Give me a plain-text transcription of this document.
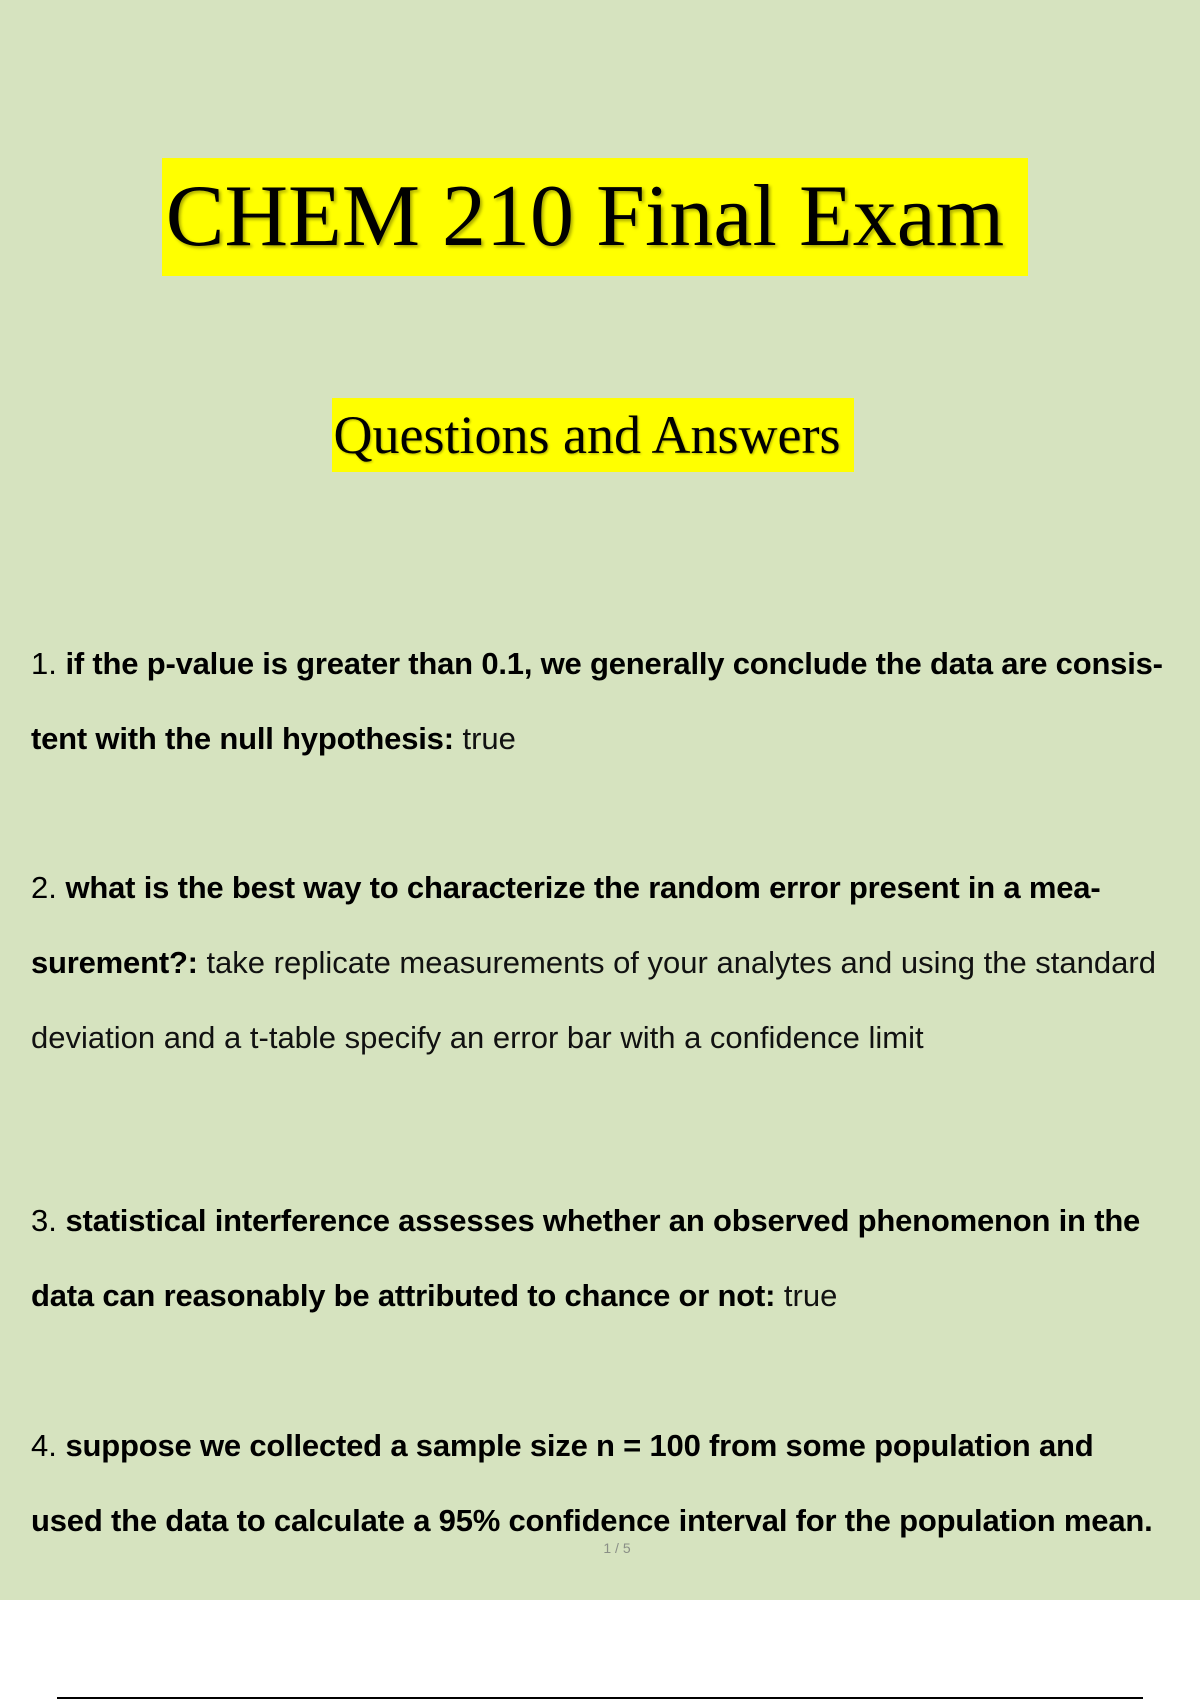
CHEM 210 Final Exam
Questions and Answers
1. if the p-value is greater than 0.1, we generally conclude the data are consis-
tent with the null hypothesis: true
2. what is the best way to characterize the random error present in a mea-
surement?: take replicate measurements of your analytes and using the standard
deviation and a t-table specify an error bar with a confidence limit
3. statistical interference assesses whether an observed phenomenon in the
data can reasonably be attributed to chance or not: true
4. suppose we collected a sample size n = 100 from some population and
used the data to calculate a 95% confidence interval for the population mean.
1 / 5
